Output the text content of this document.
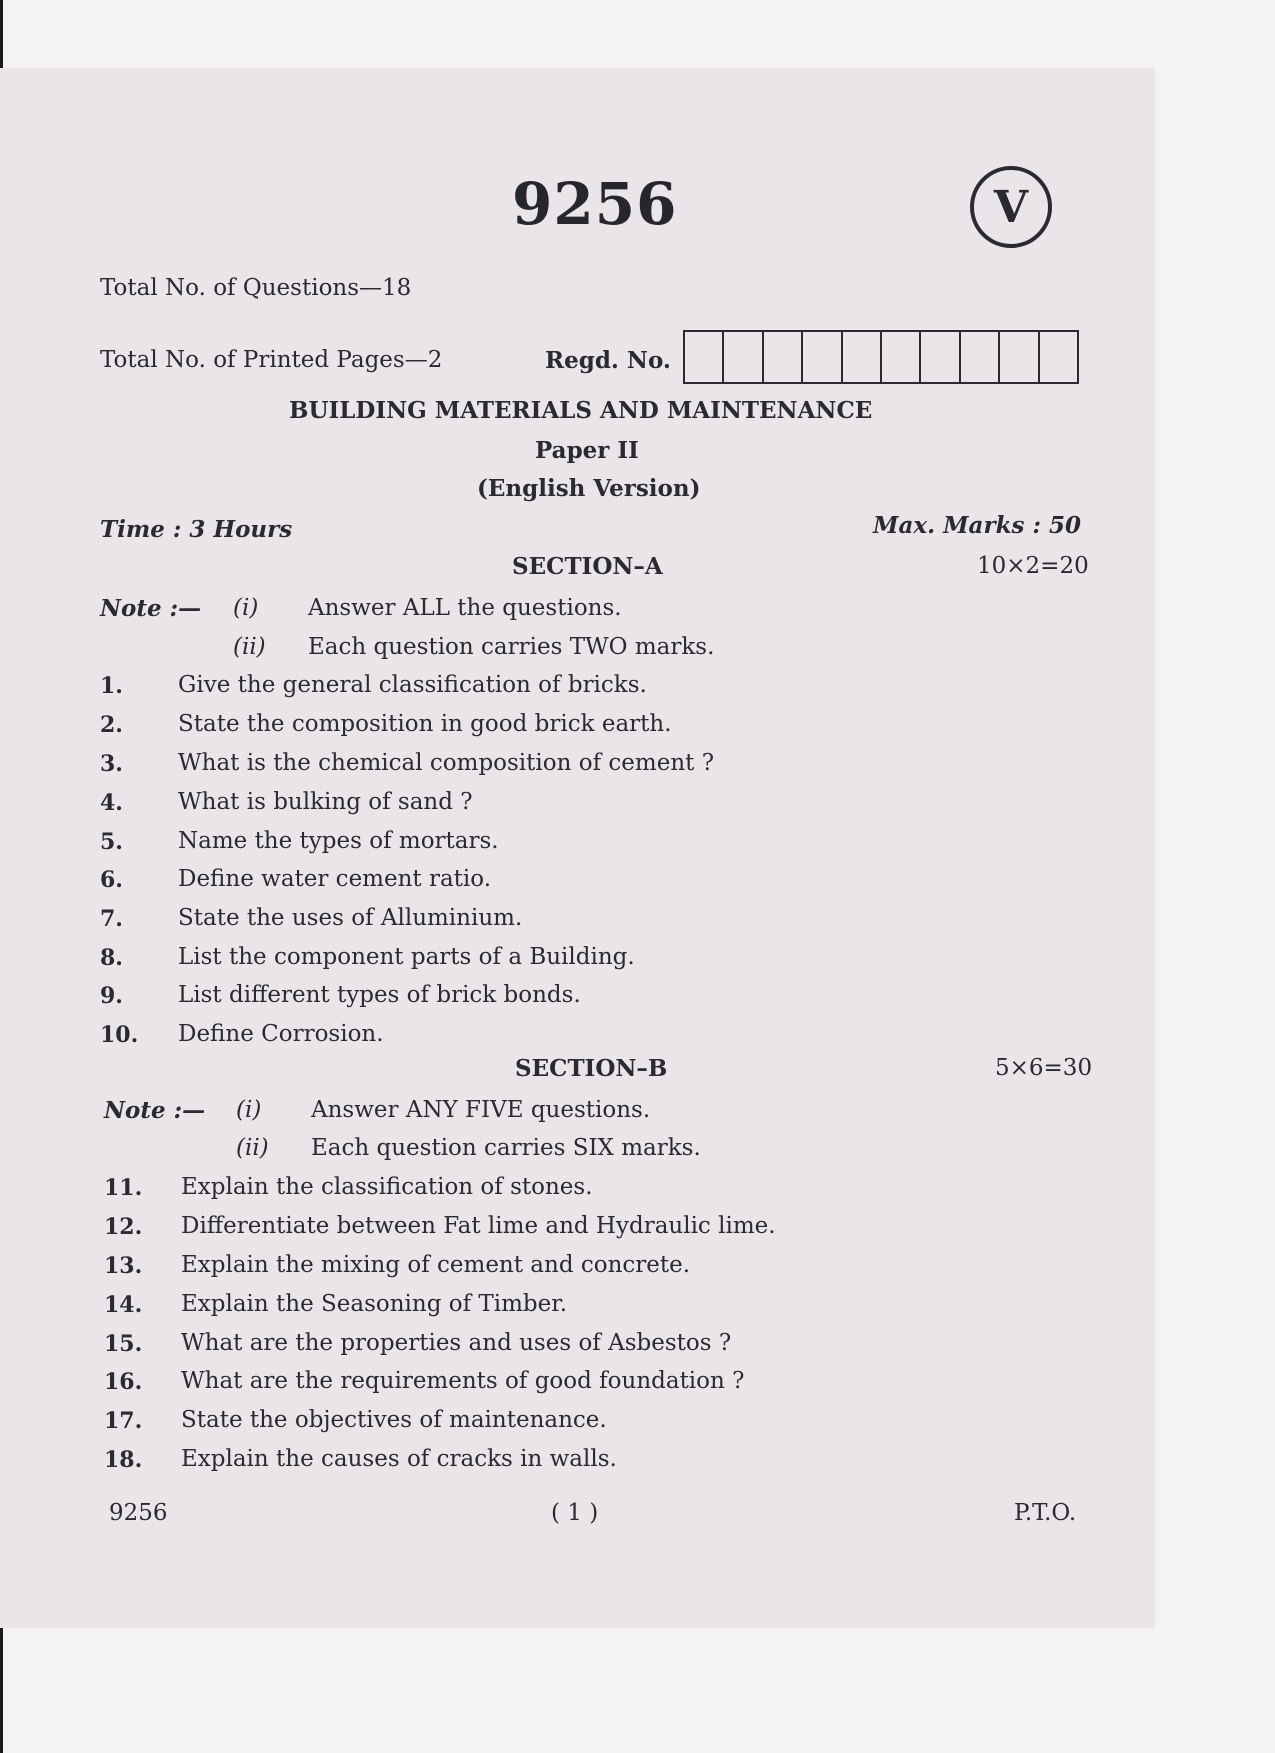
9256	V
Total No. of Questions—18
Total No. of Printed Pages—2	Regd. No.
BUILDING MATERIALS AND MAINTENANCE
Paper II
(English Version)
Time : 3 Hours	Max. Marks : 50
SECTION–A	10×2=20
Note :— (i) Answer ALL the questions.
(ii) Each question carries TWO marks.
1. Give the general classification of bricks.
2. State the composition in good brick earth.
3. What is the chemical composition of cement ?
4. What is bulking of sand ?
5. Name the types of mortars.
6. Define water cement ratio.
7. State the uses of Alluminium.
8. List the component parts of a Building.
9. List different types of brick bonds.
10. Define Corrosion.
SECTION–B	5×6=30
Note :— (i) Answer ANY FIVE questions.
(ii) Each question carries SIX marks.
11. Explain the classification of stones.
12. Differentiate between Fat lime and Hydraulic lime.
13. Explain the mixing of cement and concrete.
14. Explain the Seasoning of Timber.
15. What are the properties and uses of Asbestos ?
16. What are the requirements of good foundation ?
17. State the objectives of maintenance.
18. Explain the causes of cracks in walls.
9256	( 1 )	P.T.O.
